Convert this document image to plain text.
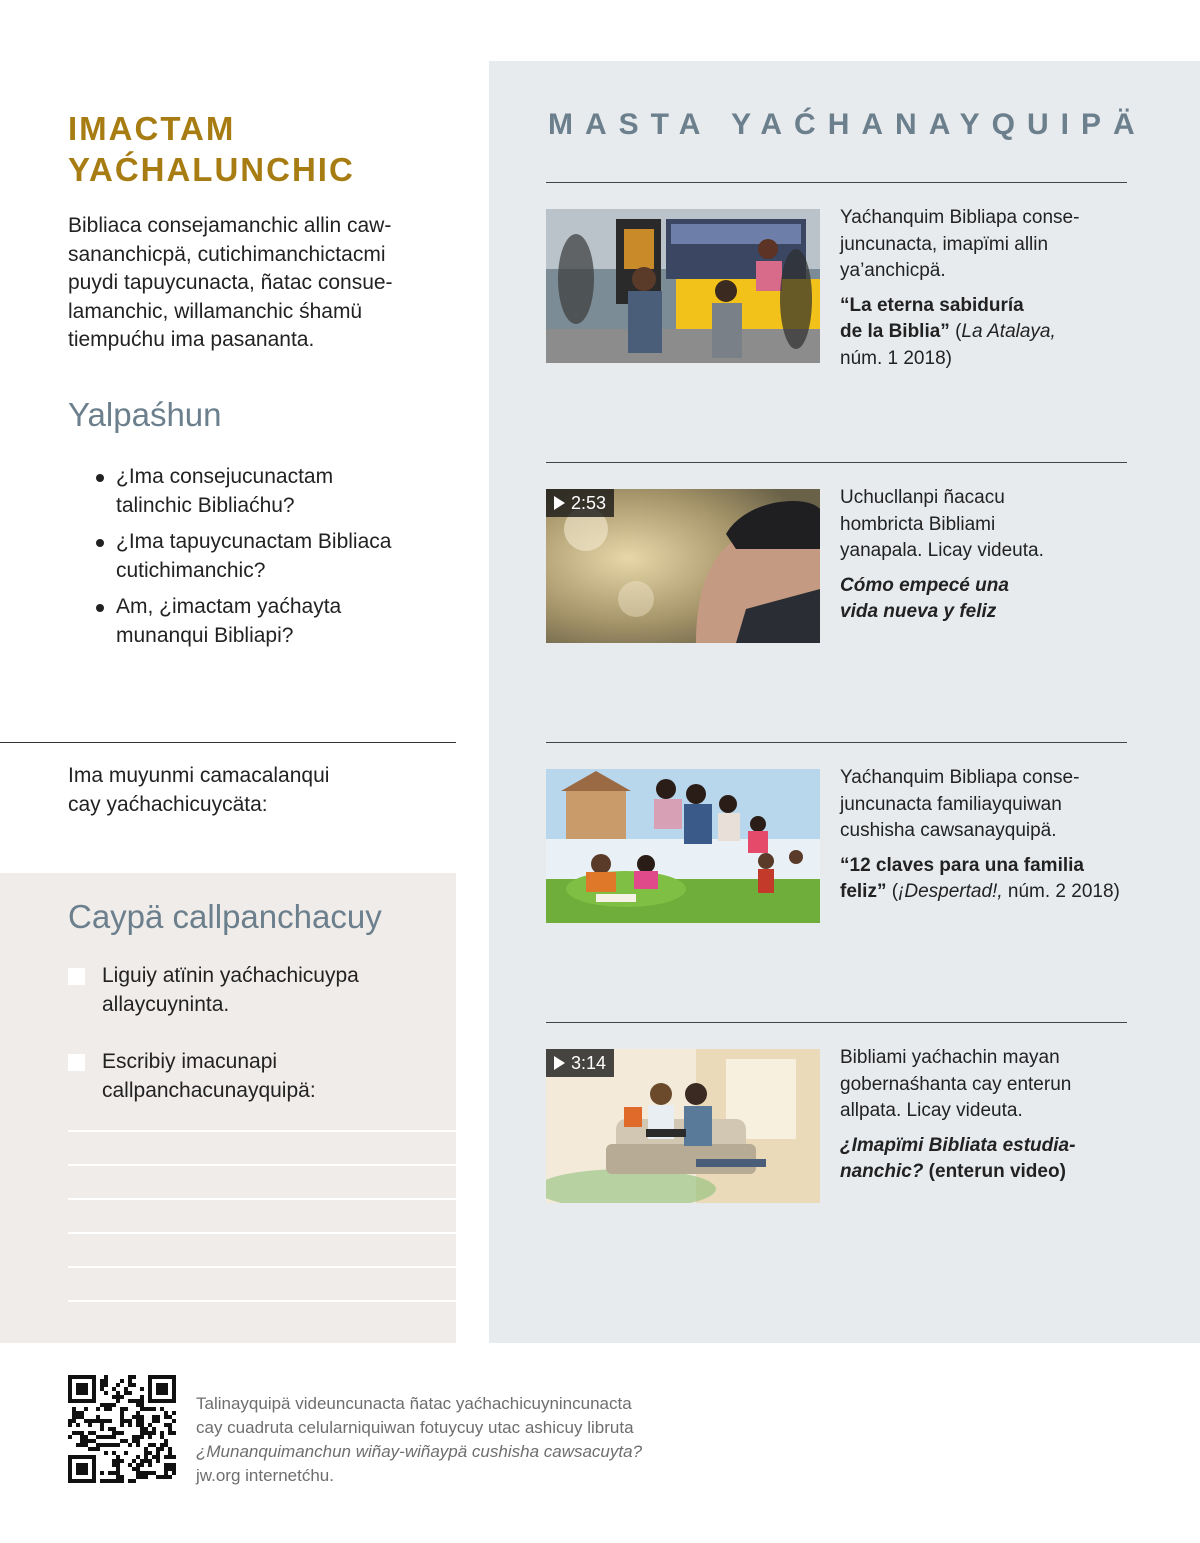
IMACTAM
YAĆHALUNCHIC

Bibliaca consejamanchic allin caw-
sananchicpä, cutichimanchictacmi
puydi tapuycunacta, ñatac consue-
lamanchic, willamanchic śhamü
tiempućhu ima pasananta.

Yalpaśhun
¿Ima consejucunactam
talinchic Bibliaćhu?
¿Ima tapuycunactam Bibliaca
cutichimanchic?
Am, ¿imactam yaćhayta
munanqui Bibliapi?

Ima muyunmi camacalanqui
cay yaćhachicuycäta:

Caypä callpanchacuy
Liguiy atïnin yaćhachicuypa
allaycuyninta.
Escribiy imacunapi
callpanchacunayquipä:
MASTA YAĆHANAYQUIPÄ
Yaćhanquim Bibliapa conse-
juncunacta, imapïmi allin
ya’anchicpä.
“La eterna sabiduría
de la Biblia” (La Atalaya,
núm. 1 2018)
2:53	Uchucllanpi ñacacu
hombricta Bibliami
yanapala. Licay videuta.
Cómo empecé una
vida nueva y feliz
Yaćhanquim Bibliapa conse-
juncunacta familiayquiwan
cushisha cawsanayquipä.
“12 claves para una familia
feliz” (¡Despertad!, núm. 2 2018)
3:14	Bibliami yaćhachin mayan
gobernaśhanta cay enterun
allpata. Licay videuta.
¿Imapïmi Bibliata estudia-
nanchic? (enterun video)
Talinayquipä videuncunacta ñatac yaćhachicuynincunacta
cay cuadruta celularniquiwan fotuycuy utac ashicuy libruta
¿Munanquimanchun wiñay-wiñaypä cushisha cawsacuyta?
jw.org internetćhu.
